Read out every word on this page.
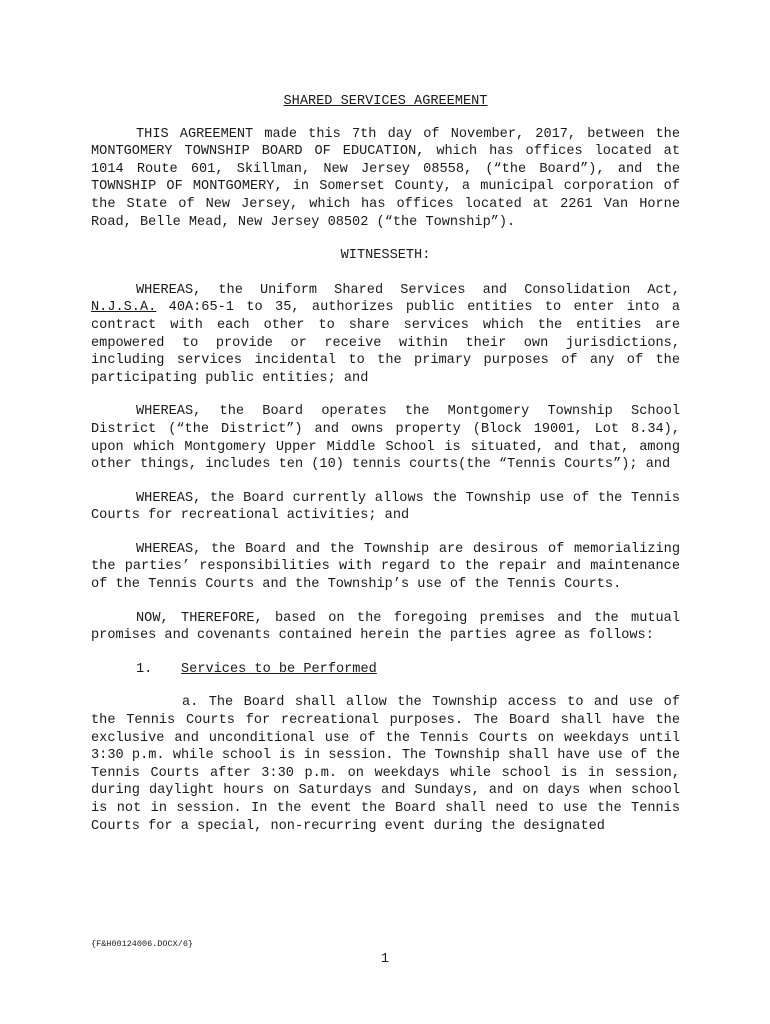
SHARED SERVICES AGREEMENT

THIS AGREEMENT made this 7th day of November, 2017, between the MONTGOMERY TOWNSHIP BOARD OF EDUCATION, which has offices located at 1014 Route 601, Skillman, New Jersey 08558, (“the Board”), and the TOWNSHIP OF MONTGOMERY, in Somerset County, a municipal corporation of the State of New Jersey, which has offices located at 2261 Van Horne Road, Belle Mead, New Jersey 08502 (“the Township”).

WITNESSETH:

WHEREAS, the Uniform Shared Services and Consolidation Act, N.J.S.A. 40A:65-1 to 35, authorizes public entities to enter into a contract with each other to share services which the entities are empowered to provide or receive within their own jurisdictions, including services incidental to the primary purposes of any of the participating public entities; and

WHEREAS, the Board operates the Montgomery Township School District (“the District”) and owns property (Block 19001, Lot 8.34), upon which Montgomery Upper Middle School is situated, and that, among other things, includes ten (10) tennis courts(the “Tennis Courts”); and

WHEREAS, the Board currently allows the Township use of the Tennis Courts for recreational activities; and

WHEREAS, the Board and the Township are desirous of memorializing the parties’ responsibilities with regard to the repair and maintenance of the Tennis Courts and the Township’s use of the Tennis Courts.

NOW, THEREFORE, based on the foregoing premises and the mutual promises and covenants contained herein the parties agree as follows:

1. Services to be Performed

a. The Board shall allow the Township access to and use of the Tennis Courts for recreational purposes. The Board shall have the exclusive and unconditional use of the Tennis Courts on weekdays until 3:30 p.m. while school is in session. The Township shall have use of the Tennis Courts after 3:30 p.m. on weekdays while school is in session, during daylight hours on Saturdays and Sundays, and on days when school is not in session. In the event the Board shall need to use the Tennis Courts for a special, non-recurring event during the designated

{F&H00124006.DOCX/6}
1
